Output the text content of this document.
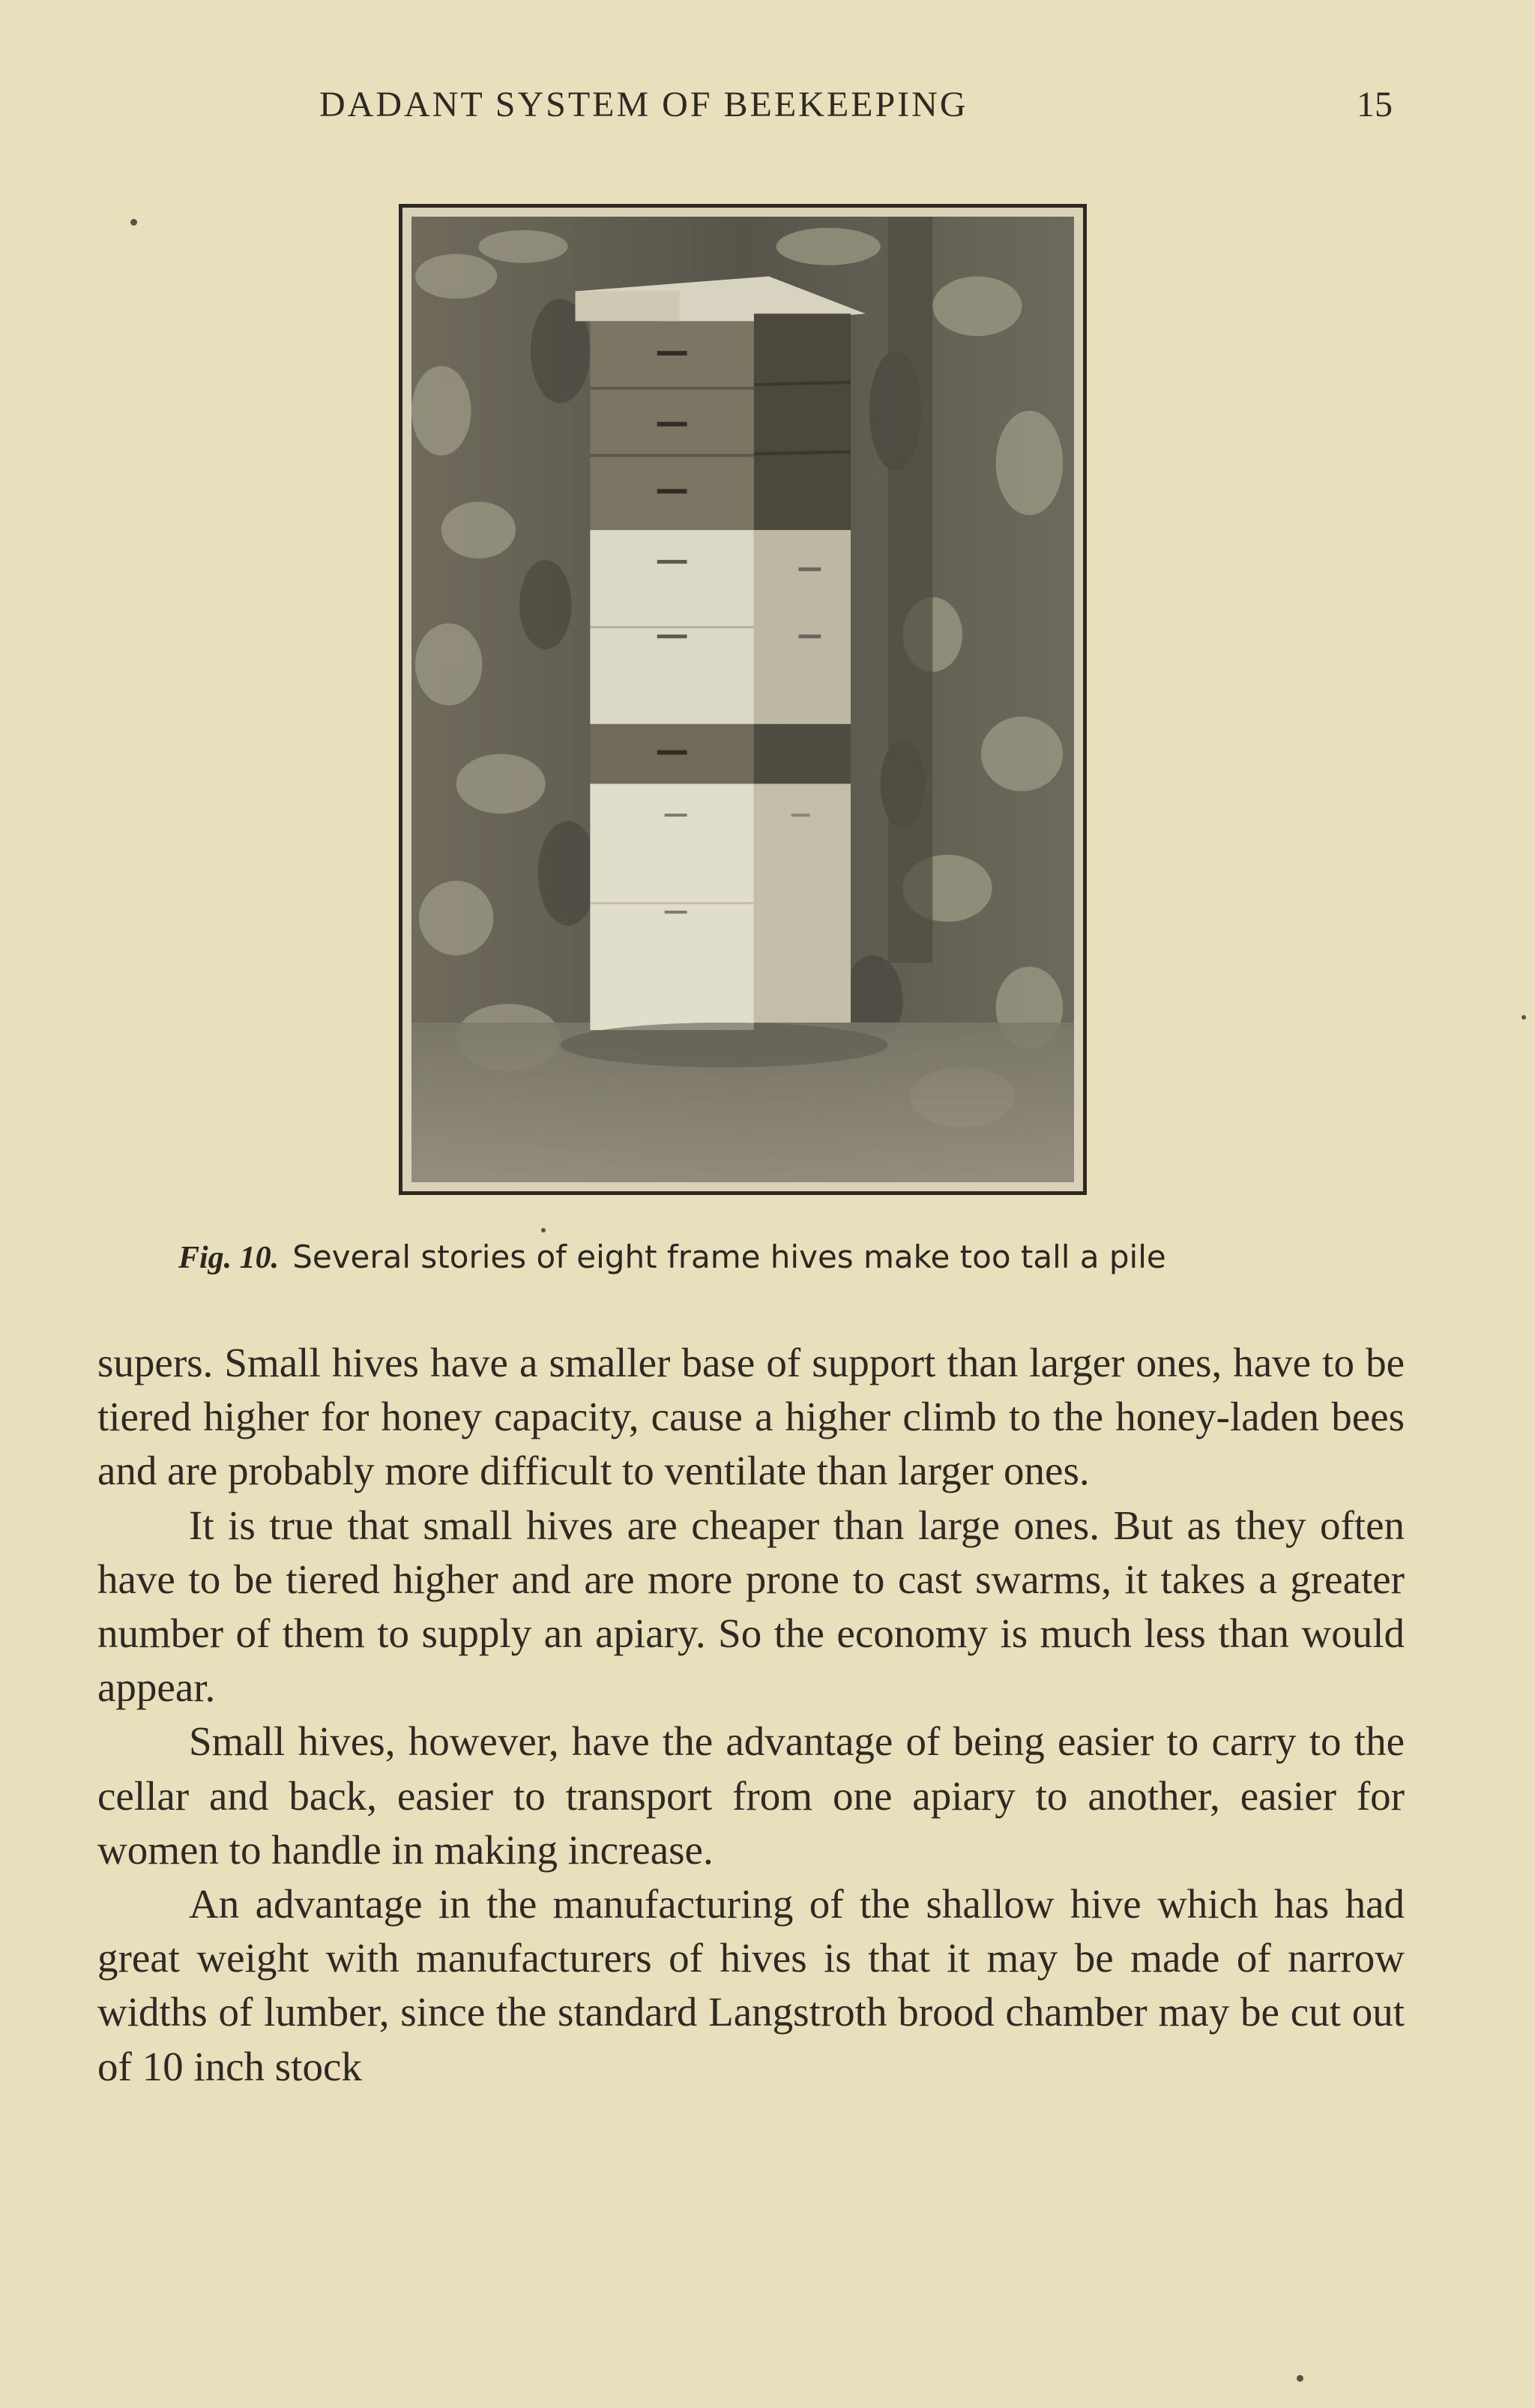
DADANT SYSTEM OF BEEKEEPING	15
Fig. 10. Several stories of eight frame hives make too tall a pile

supers. Small hives have a smaller base of support than larger ones, have to be tiered higher for honey capacity, cause a higher climb to the honey-laden bees and are probably more difficult to ventilate than larger ones.

It is true that small hives are cheaper than large ones. But as they often have to be tiered higher and are more prone to cast swarms, it takes a greater number of them to supply an apiary. So the economy is much less than would appear.

Small hives, however, have the advantage of being easier to carry to the cellar and back, easier to transport from one apiary to another, easier for women to handle in making increase.

An advantage in the manufacturing of the shallow hive which has had great weight with manufacturers of hives is that it may be made of narrow widths of lumber, since the standard Langstroth brood chamber may be cut out of 10 inch stock
